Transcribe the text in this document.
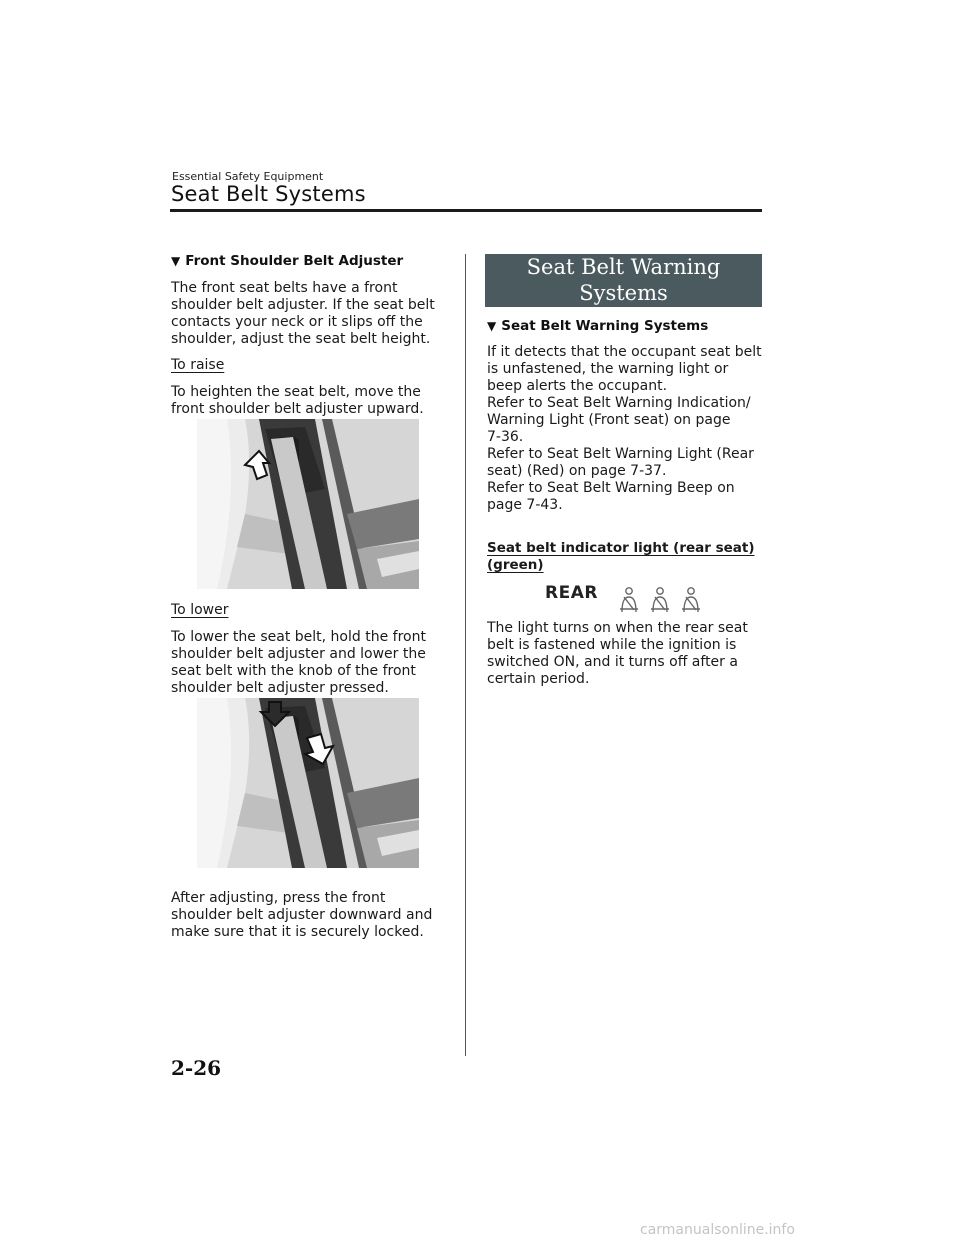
Essential Safety Equipment
Seat Belt Systems
▼ Front Shoulder Belt Adjuster
The front seat belts have a front
shoulder belt adjuster. If the seat belt
contacts your neck or it slips off the
shoulder, adjust the seat belt height.
To raise
To heighten the seat belt, move the
front shoulder belt adjuster upward.
To lower
To lower the seat belt, hold the front
shoulder belt adjuster and lower the
seat belt with the knob of the front
shoulder belt adjuster pressed.
After adjusting, press the front
shoulder belt adjuster downward and
make sure that it is securely locked.
Seat Belt Warning
Systems
▼ Seat Belt Warning Systems
If it detects that the occupant seat belt
is unfastened, the warning light or
beep alerts the occupant.
Refer to Seat Belt Warning Indication/
Warning Light (Front seat) on page
7-36.
Refer to Seat Belt Warning Light (Rear
seat) (Red) on page 7-37.
Refer to Seat Belt Warning Beep on
page 7-43.
Seat belt indicator light (rear seat)
(green)
REAR
The light turns on when the rear seat
belt is fastened while the ignition is
switched ON, and it turns off after a
certain period.
2-26
carmanualsonline.info
